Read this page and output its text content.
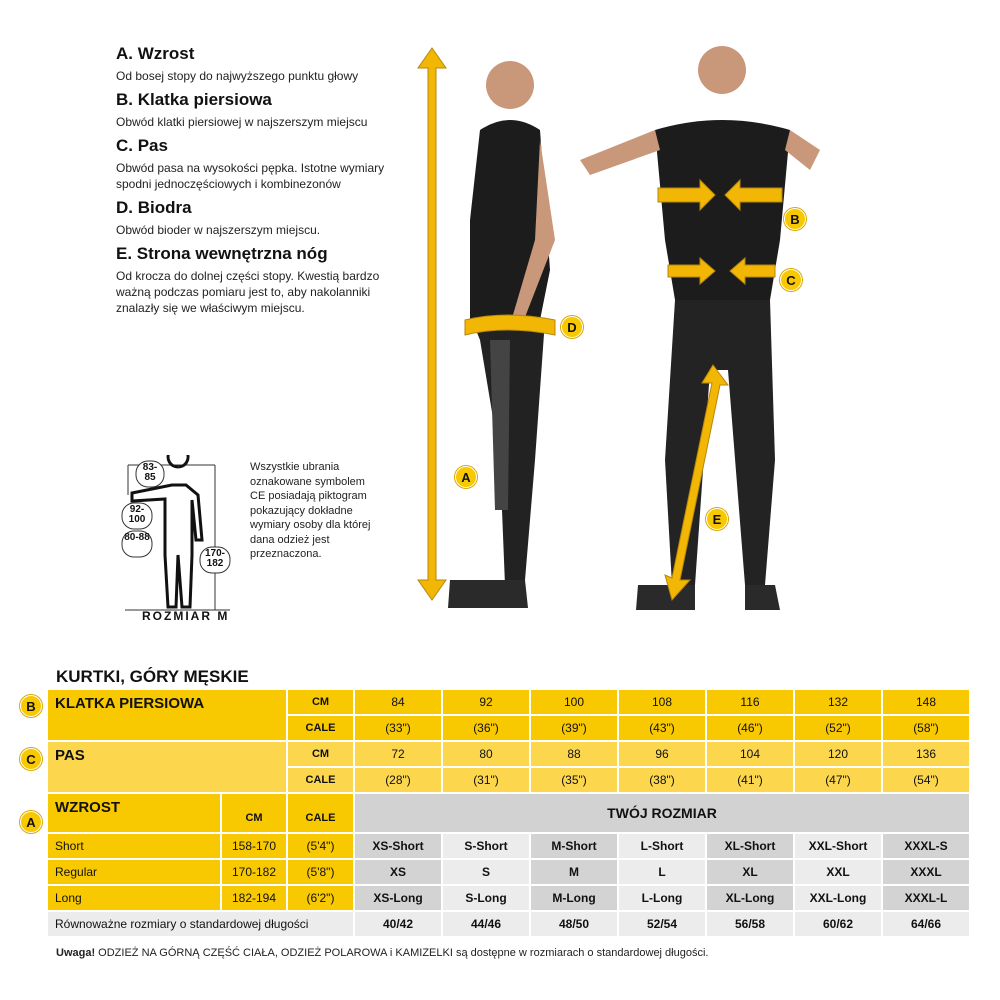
A. Wzrost
Od bosej stopy do najwyższego punktu głowy
B. Klatka piersiowa
Obwód klatki piersiowej w najszerszym miejscu
C. Pas
Obwód pasa na wysokości pępka. Istotne wymiary spodni jednoczęściowych i kombinezonów
D. Biodra
Obwód bioder w najszerszym miejscu.
E. Strona wewnętrzna nóg
Od krocza do dolnej części stopy. Kwestią bardzo ważną podczas pomiaru jest to, aby nakolanniki znalazły się we właściwym miejscu.
83-85
92-100
80-88
170-182
ROZMIAR M
Wszystkie ubrania oznakowane symbolem CE posiadają piktogram pokazujący dokładne wymiary osoby dla której dana odzież jest przeznaczona.
A
B
C
D
E
KURTKI, GÓRY MĘSKIE
B
C
A
KLATKA PIERSIOWA		CM	84	92	100	108	116	132	148
		CALE	(33")	(36")	(39")	(43")	(46")	(52")	(58")
PAS		CM	72	80	88	96	104	120	136
		CALE	(28")	(31")	(35")	(38")	(41")	(47")	(54")
WZROST	CM	CALE	TWÓJ ROZMIAR						
Short	158-170	(5'4")	XS-Short	S-Short	M-Short	L-Short	XL-Short	XXL-Short	XXXL-S
Regular	170-182	(5'8")	XS	S	M	L	XL	XXL	XXXL
Long	182-194	(6'2")	XS-Long	S-Long	M-Long	L-Long	XL-Long	XXL-Long	XXXL-L
Równoważne rozmiary o standardowej długości			40/42	44/46	48/50	52/54	56/58	60/62	64/66
Uwaga! ODZIEŻ NA GÓRNĄ CZĘŚĆ CIAŁA, ODZIEŻ POLAROWA i KAMIZELKI są dostępne w rozmiarach o standardowej długości.
